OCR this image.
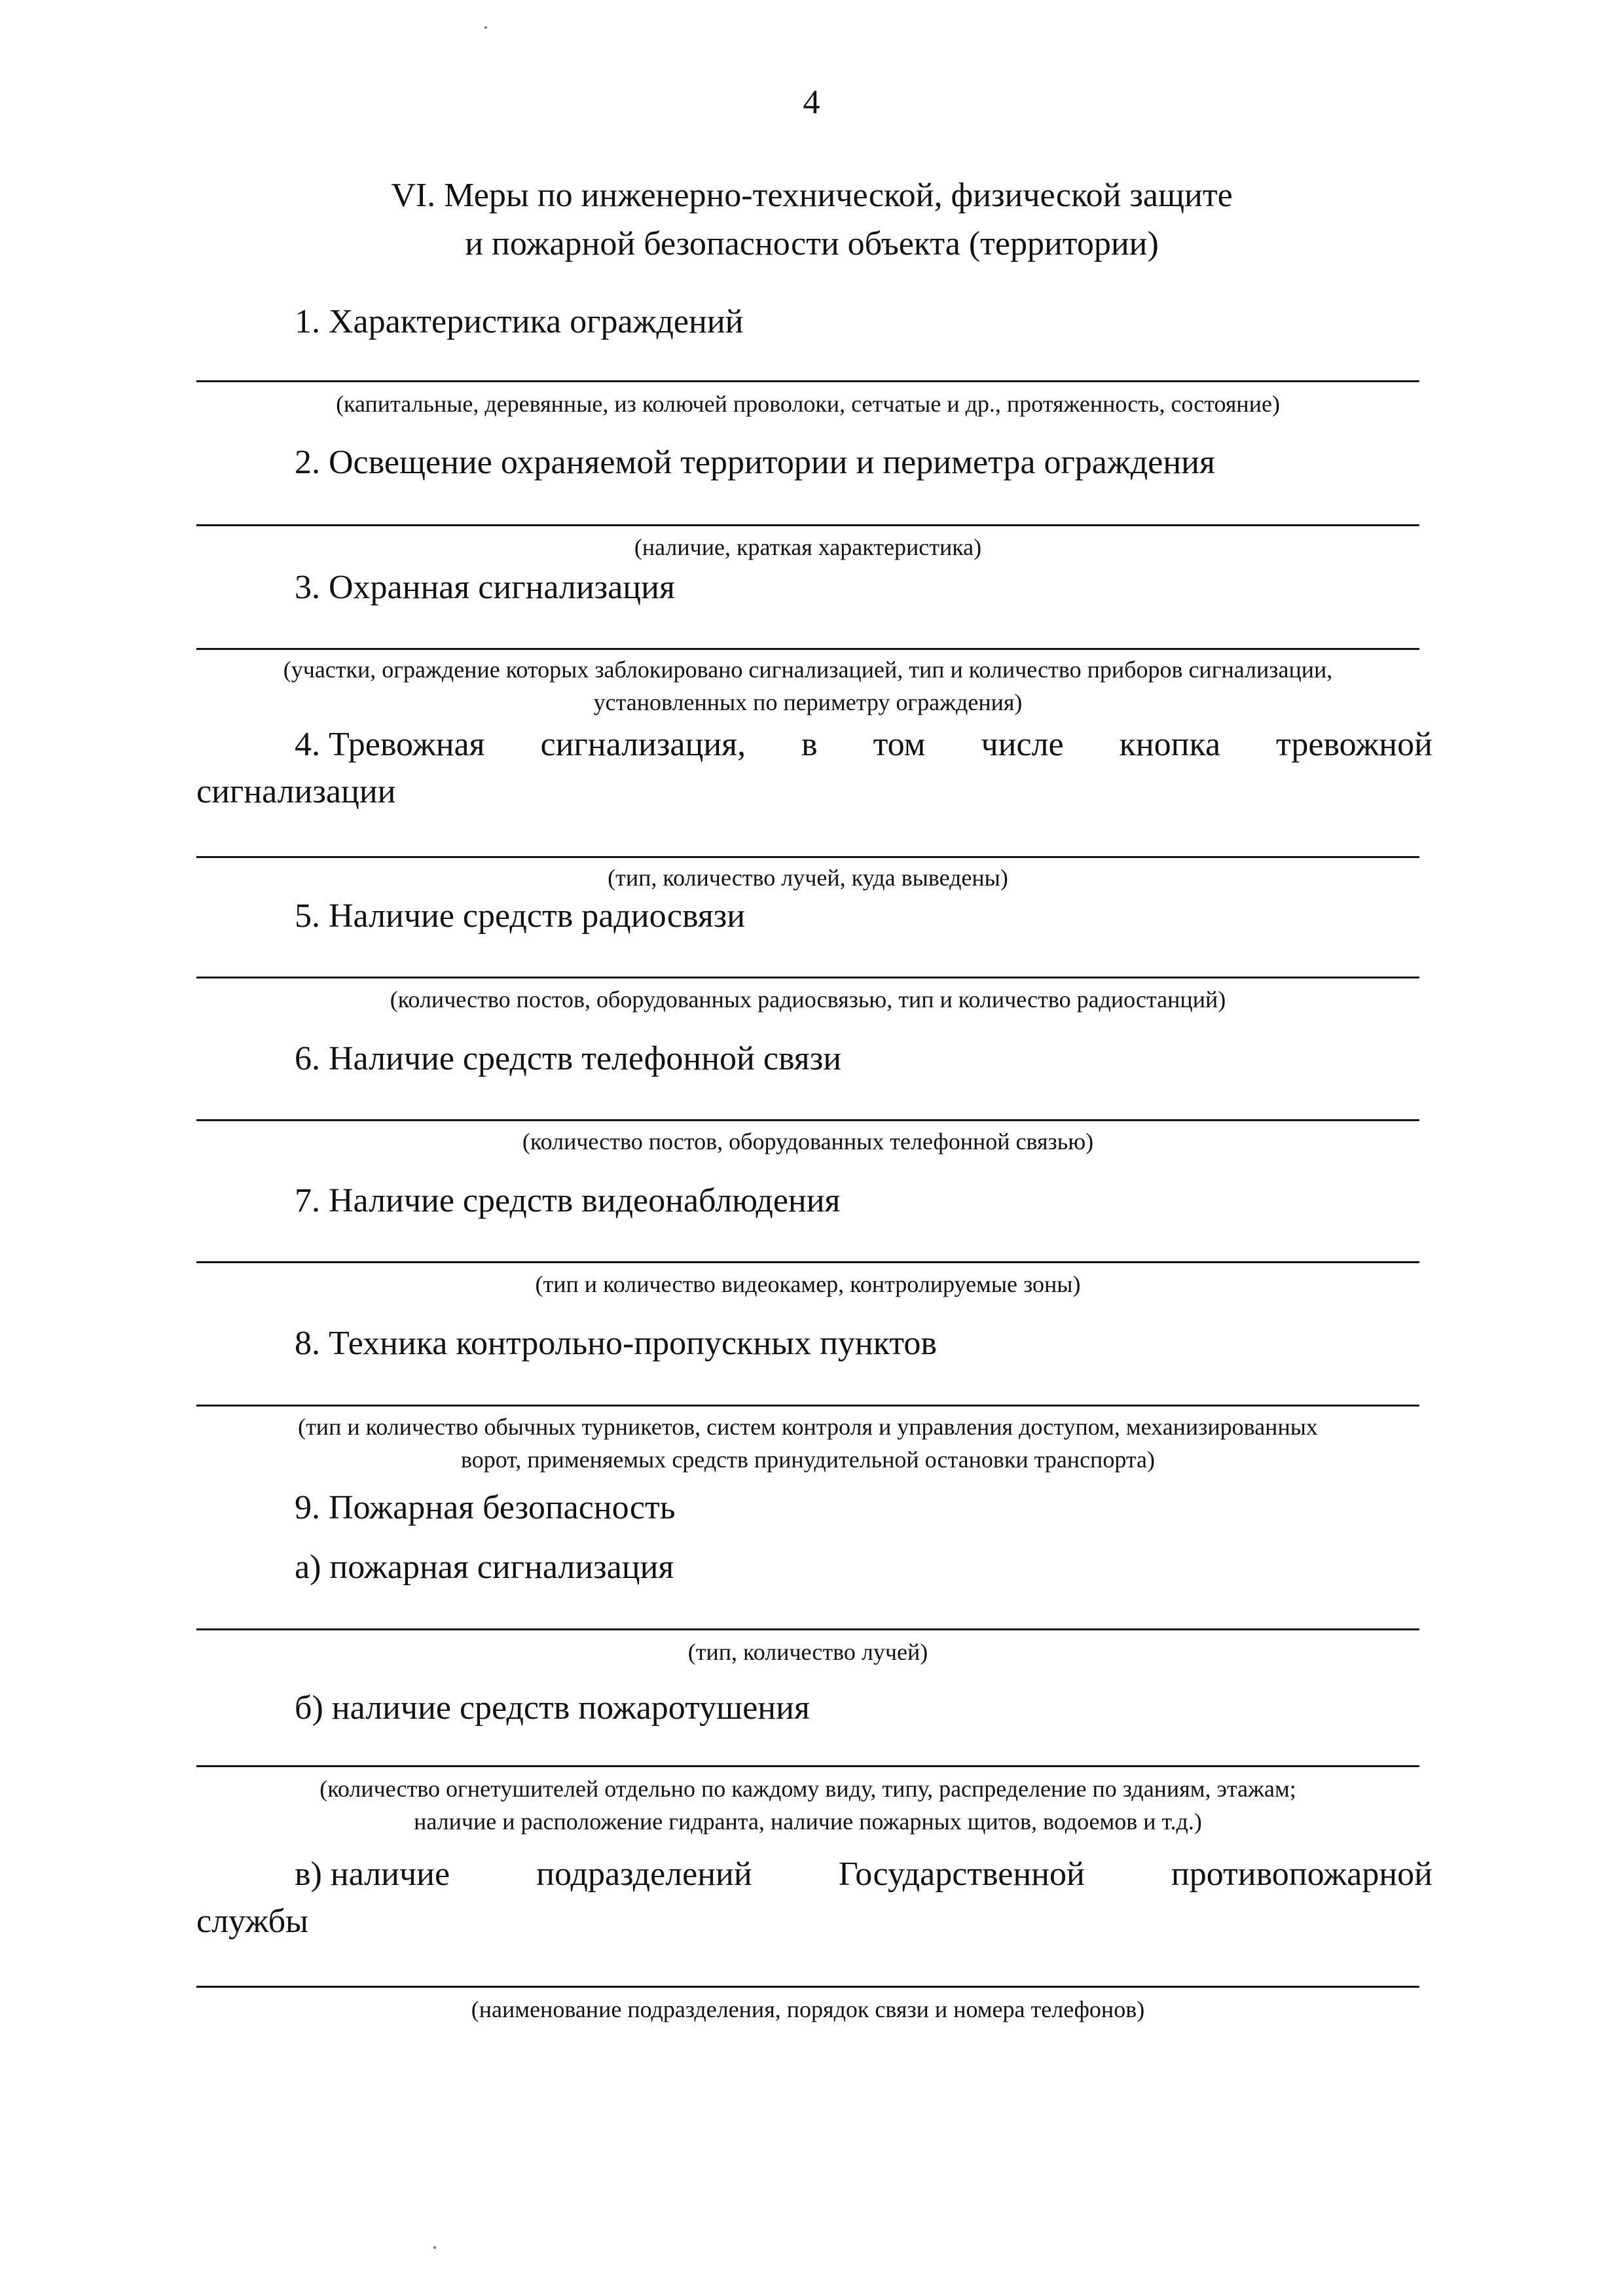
4
VI. Меры по инженерно-технической, физической защите
и пожарной безопасности объекта (территории)
1. Характеристика ограждений
(капитальные, деревянные, из колючей проволоки, сетчатые и др., протяженность, состояние)
2. Освещение охраняемой территории и периметра ограждения
(наличие, краткая характеристика)
3. Охранная сигнализация
(участки, ограждение которых заблокировано сигнализацией, тип и количество приборов сигнализации,
установленных по периметру ограждения)
4. Тревожная сигнализация, в том числе кнопка тревожной
сигнализации
(тип, количество лучей, куда выведены)
5. Наличие средств радиосвязи
(количество постов, оборудованных радиосвязью, тип и количество радиостанций)
6. Наличие средств телефонной связи
(количество постов, оборудованных телефонной связью)
7. Наличие средств видеонаблюдения
(тип и количество видеокамер, контролируемые зоны)
8. Техника контрольно-пропускных пунктов
(тип и количество обычных турникетов, систем контроля и управления доступом, механизированных
ворот, применяемых средств принудительной остановки транспорта)
9. Пожарная безопасность
а) пожарная сигнализация
(тип, количество лучей)
б) наличие средств пожаротушения
(количество огнетушителей отдельно по каждому виду, типу, распределение по зданиям, этажам;
наличие и расположение гидранта, наличие пожарных щитов, водоемов и т.д.)
в) наличие	подразделений	Государственной	противопожарной
службы
(наименование подразделения, порядок связи и номера телефонов)
